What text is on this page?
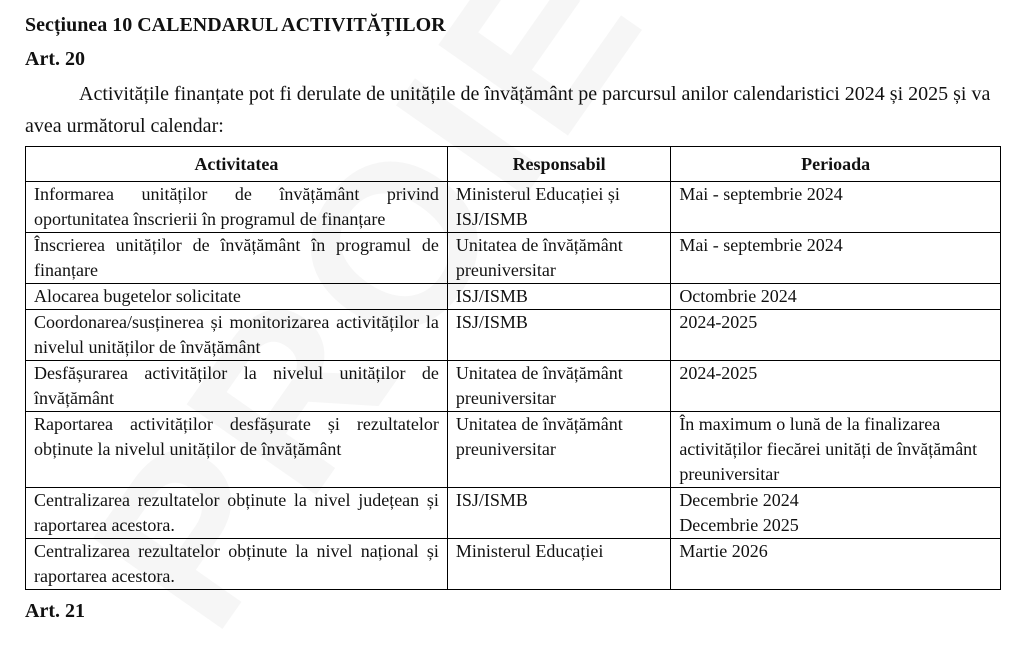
Secțiunea 10 CALENDARUL ACTIVITĂȚILOR
Art. 20

Activitățile finanțate pot fi derulate de unitățile de învățământ pe parcursul anilor calendaristici 2024 și 2025 și va avea următorul calendar:

Activitatea	Responsabil	Perioada
Informarea unităților de învățământ privind oportunitatea înscrierii în programul de finanțare	Ministerul Educației și ISJ/ISMB	Mai - septembrie 2024

Înscrierea unităților de învățământ în programul de finanțare	Unitatea de învățământ preuniversitar	Mai - septembrie 2024

Alocarea bugetelor solicitate	ISJ/ISMB	Octombrie 2024

Coordonarea/susținerea și monitorizarea activităților la nivelul unităților de învățământ	ISJ/ISMB	2024-2025

Desfășurarea activităților la nivelul unităților de învățământ	Unitatea de învățământ preuniversitar	2024-2025

Raportarea activităților desfășurate și rezultatelor obținute la nivelul unităților de învățământ	Unitatea de învățământ preuniversitar	În maximum o lună de la finalizarea activităților fiecărei unități de învățământ preuniversitar

Centralizarea rezultatelor obținute la nivel județean și raportarea acestora.	ISJ/ISMB	Decembrie 2024
Decembrie 2025

Centralizarea rezultatelor obținute la nivel național și raportarea acestora.	Ministerul Educației	Martie 2026
Art. 21
